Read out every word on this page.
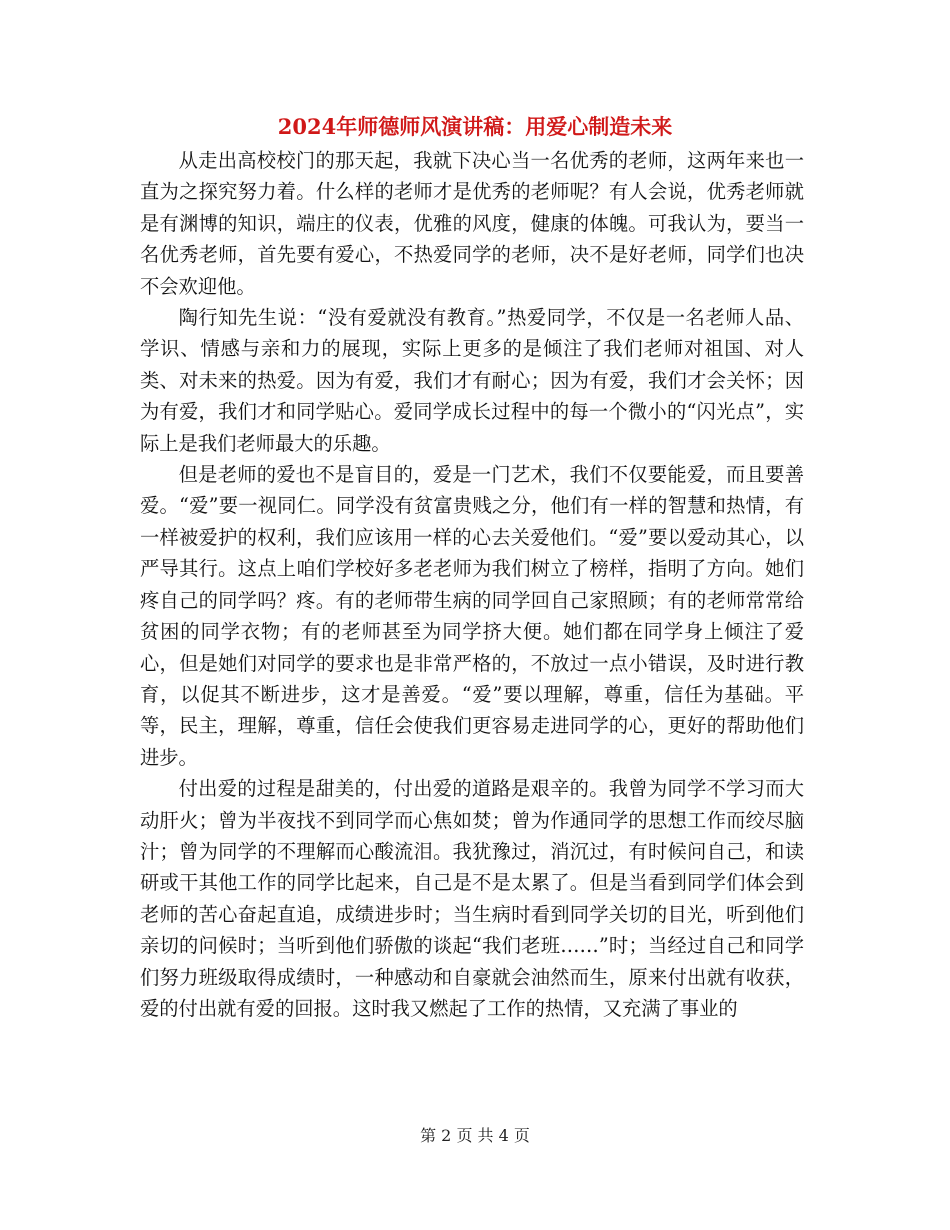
2024年师德师风演讲稿：用爱心制造未来

从走出高校校门的那天起，我就下决心当一名优秀的老师，这两年来也一直为之探究努力着。什么样的老师才是优秀的老师呢？有人会说，优秀老师就是有渊博的知识，端庄的仪表，优雅的风度，健康的体魄。可我认为，要当一名优秀老师，首先要有爱心，不热爱同学的老师，决不是好老师，同学们也决不会欢迎他。

陶行知先生说：“没有爱就没有教育。”热爱同学，不仅是一名老师人品、学识、情感与亲和力的展现，实际上更多的是倾注了我们老师对祖国、对人类、对未来的热爱。因为有爱，我们才有耐心；因为有爱，我们才会关怀；因为有爱，我们才和同学贴心。爱同学成长过程中的每一个微小的“闪光点”，实际上是我们老师最大的乐趣。

但是老师的爱也不是盲目的，爱是一门艺术，我们不仅要能爱，而且要善爱。“爱”要一视同仁。同学没有贫富贵贱之分，他们有一样的智慧和热情，有一样被爱护的权利，我们应该用一样的心去关爱他们。“爱”要以爱动其心，以严导其行。这点上咱们学校好多老老师为我们树立了榜样，指明了方向。她们疼自己的同学吗？疼。有的老师带生病的同学回自己家照顾；有的老师常常给贫困的同学衣物；有的老师甚至为同学挤大便。她们都在同学身上倾注了爱心，但是她们对同学的要求也是非常严格的，不放过一点小错误，及时进行教育，以促其不断进步，这才是善爱。“爱”要以理解，尊重，信任为基础。平等，民主，理解，尊重，信任会使我们更容易走进同学的心，更好的帮助他们进步。

付出爱的过程是甜美的，付出爱的道路是艰辛的。我曾为同学不学习而大动肝火；曾为半夜找不到同学而心焦如焚；曾为作通同学的思想工作而绞尽脑汁；曾为同学的不理解而心酸流泪。我犹豫过，消沉过，有时候问自己，和读研或干其他工作的同学比起来，自己是不是太累了。但是当看到同学们体会到老师的苦心奋起直追，成绩进步时；当生病时看到同学关切的目光，听到他们亲切的问候时；当听到他们骄傲的谈起“我们老班……”时；当经过自己和同学们努力班级取得成绩时，一种感动和自豪就会油然而生，原来付出就有收获，爱的付出就有爱的回报。这时我又燃起了工作的热情，又充满了事业的

第 2 页 共 4 页
